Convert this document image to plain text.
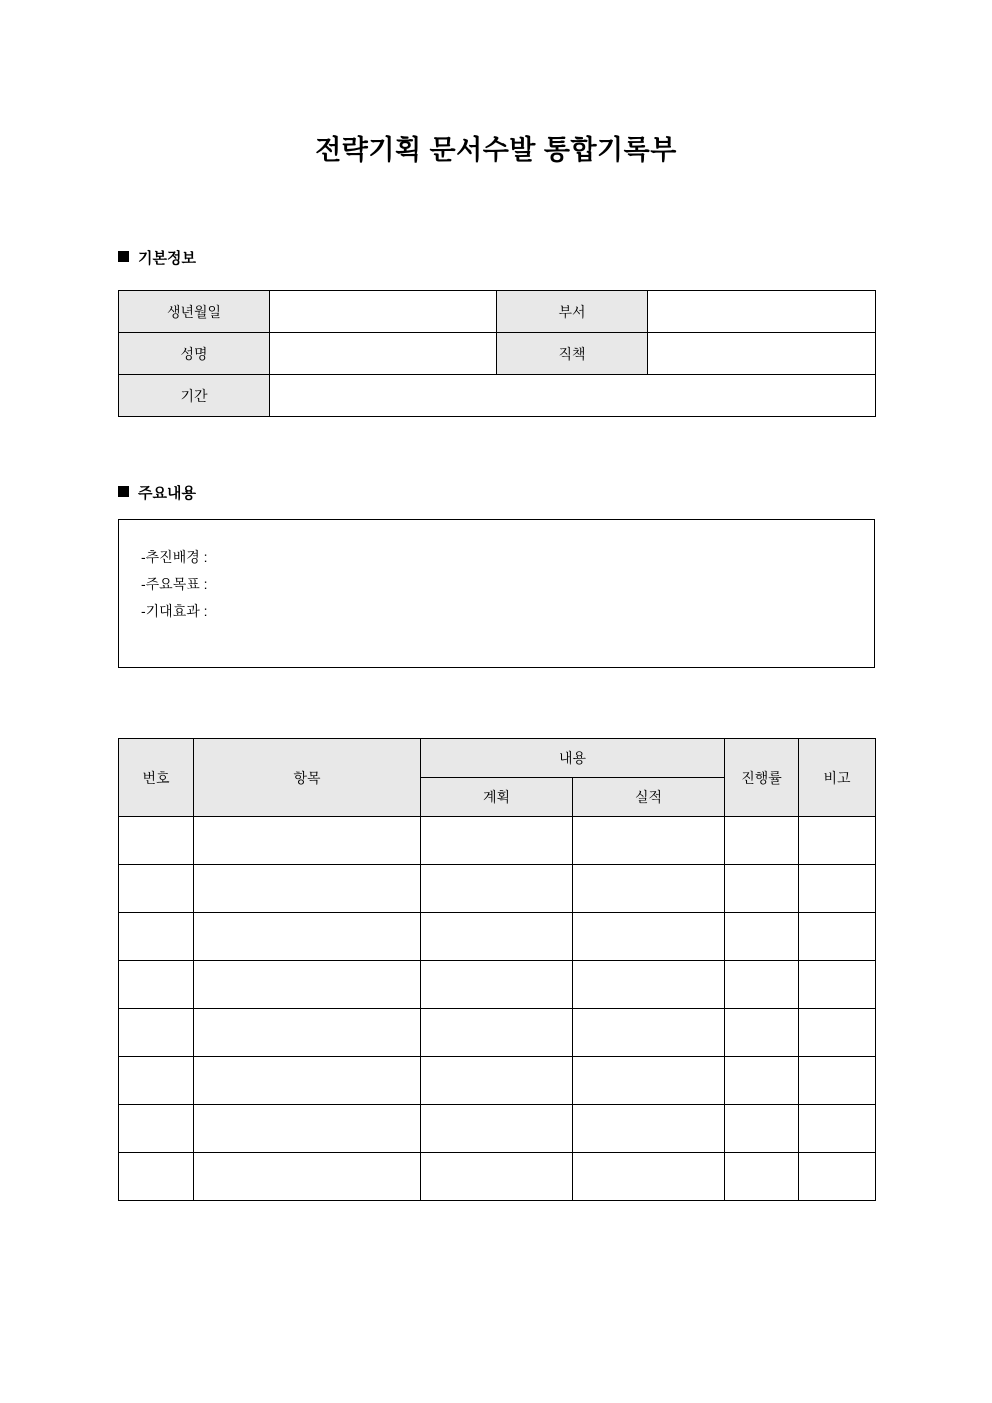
전략기획 문서수발 통합기록부
기본정보
생년월일		부서	
성명		직책	
기간			
주요내용
-추진배경 :
-주요목표 :
-기대효과 :
번호	항목	내용		진행률	비고
		계획	실적		
